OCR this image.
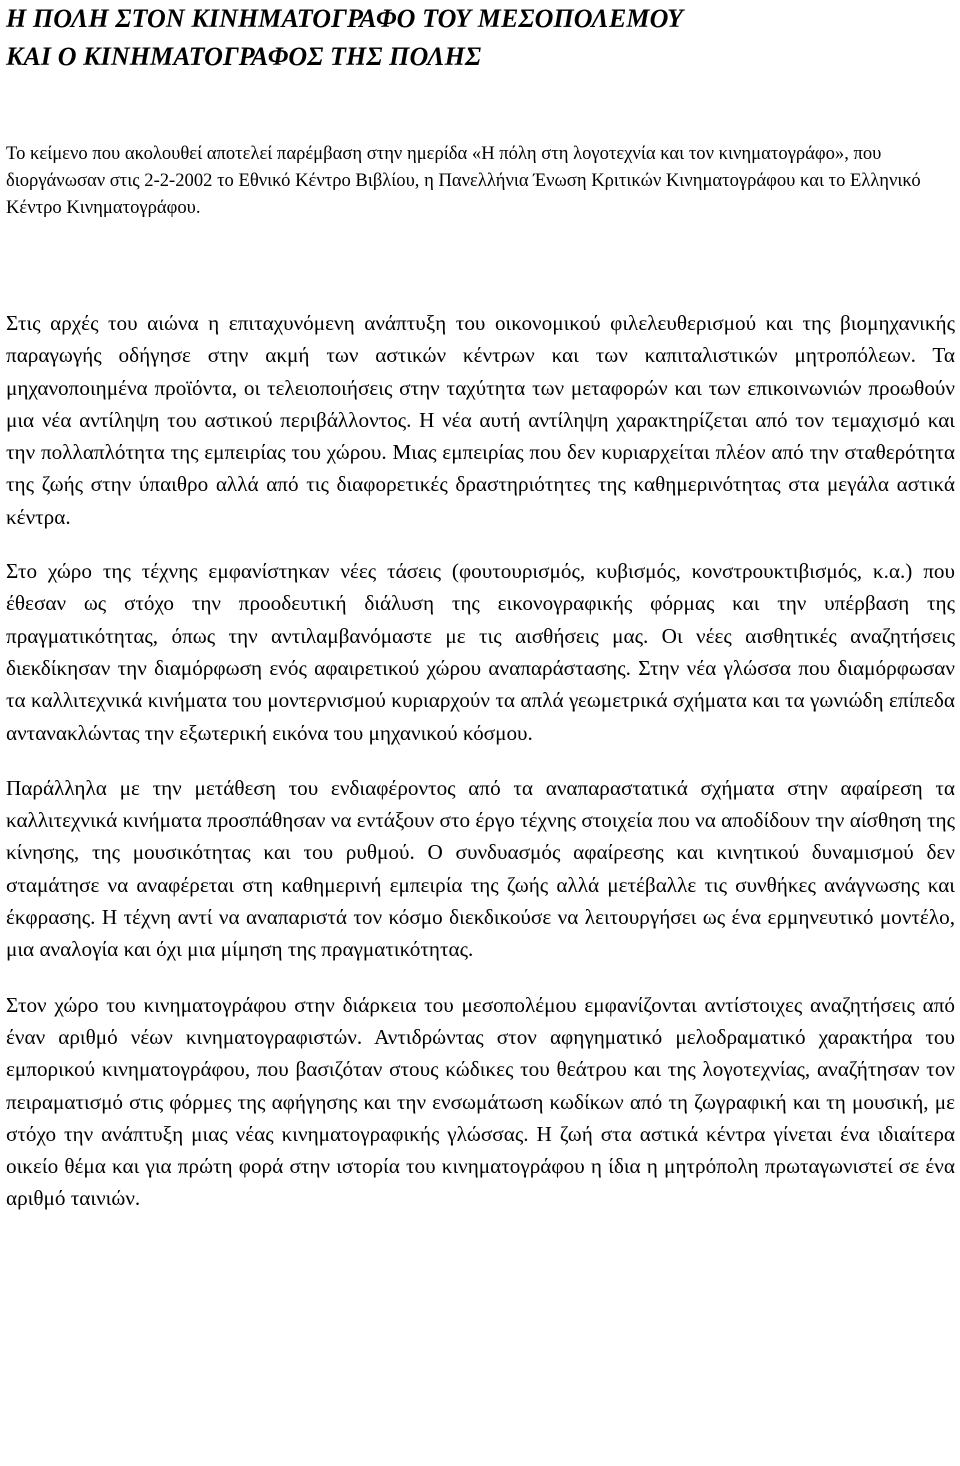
Η ΠΟΛΗ ΣΤΟΝ ΚΙΝΗΜΑΤΟΓΡΑΦΟ ΤΟΥ ΜΕΣΟΠΟΛΕΜΟΥ
ΚΑΙ Ο ΚΙΝΗΜΑΤΟΓΡΑΦΟΣ ΤΗΣ ΠΟΛΗΣ

Το κείμενο που ακολουθεί αποτελεί παρέμβαση στην ημερίδα «Η πόλη στη λογοτεχνία και τον κινηματογράφο», που διοργάνωσαν στις 2-2-2002 το Εθνικό Κέντρο Βιβλίου, η Πανελλήνια Ένωση Κριτικών Κινηματογράφου και το Ελληνικό Κέντρο Κινηματογράφου.

Στις αρχές του αιώνα η επιταχυνόμενη ανάπτυξη του οικονομικού φιλελευθερισμού και της βιομηχανικής παραγωγής οδήγησε στην ακμή των αστικών κέντρων και των καπιταλιστικών μητροπόλεων. Τα μηχανοποιημένα προϊόντα, οι τελειοποιήσεις στην ταχύτητα των μεταφορών και των επικοινωνιών προωθούν μια νέα αντίληψη του αστικού περιβάλλοντος. Η νέα αυτή αντίληψη χαρακτηρίζεται από τον τεμαχισμό και την πολλαπλότητα της εμπειρίας του χώρου. Μιας εμπειρίας που δεν κυριαρχείται πλέον από την σταθερότητα της ζωής στην ύπαιθρο αλλά από τις διαφορετικές δραστηριότητες της καθημερινότητας στα μεγάλα αστικά κέντρα.

Στο χώρο της τέχνης εμφανίστηκαν νέες τάσεις (φουτουρισμός, κυβισμός, κονστρουκτιβισμός, κ.α.) που έθεσαν ως στόχο την προοδευτική διάλυση της εικονογραφικής φόρμας και την υπέρβαση της πραγματικότητας, όπως την αντιλαμβανόμαστε με τις αισθήσεις μας. Οι νέες αισθητικές αναζητήσεις διεκδίκησαν την διαμόρφωση ενός αφαιρετικού χώρου αναπαράστασης. Στην νέα γλώσσα που διαμόρφωσαν τα καλλιτεχνικά κινήματα του μοντερνισμού κυριαρχούν τα απλά γεωμετρικά σχήματα και τα γωνιώδη επίπεδα αντανακλώντας την εξωτερική εικόνα του μηχανικού κόσμου.

Παράλληλα με την μετάθεση του ενδιαφέροντος από τα αναπαραστατικά σχήματα στην αφαίρεση τα καλλιτεχνικά κινήματα προσπάθησαν να εντάξουν στο έργο τέχνης στοιχεία που να αποδίδουν την αίσθηση της κίνησης, της μουσικότητας και του ρυθμού. Ο συνδυασμός αφαίρεσης και κινητικού δυναμισμού δεν σταμάτησε να αναφέρεται στη καθημερινή εμπειρία της ζωής αλλά μετέβαλλε τις συνθήκες ανάγνωσης και έκφρασης. Η τέχνη αντί να αναπαριστά τον κόσμο διεκδικούσε να λειτουργήσει ως ένα ερμηνευτικό μοντέλο, μια αναλογία και όχι μια μίμηση της πραγματικότητας.

Στον χώρο του κινηματογράφου στην διάρκεια του μεσοπολέμου εμφανίζονται αντίστοιχες αναζητήσεις από έναν αριθμό νέων κινηματογραφιστών. Αντιδρώντας στον αφηγηματικό μελοδραματικό χαρακτήρα του εμπορικού κινηματογράφου, που βασιζόταν στους κώδικες του θεάτρου και της λογοτεχνίας, αναζήτησαν τον πειραματισμό στις φόρμες της αφήγησης και την ενσωμάτωση κωδίκων από τη ζωγραφική και τη μουσική, με στόχο την ανάπτυξη μιας νέας κινηματογραφικής γλώσσας. Η ζωή στα αστικά κέντρα γίνεται ένα ιδιαίτερα οικείο θέμα και για πρώτη φορά στην ιστορία του κινηματογράφου η ίδια η μητρόπολη πρωταγωνιστεί σε ένα αριθμό ταινιών.
